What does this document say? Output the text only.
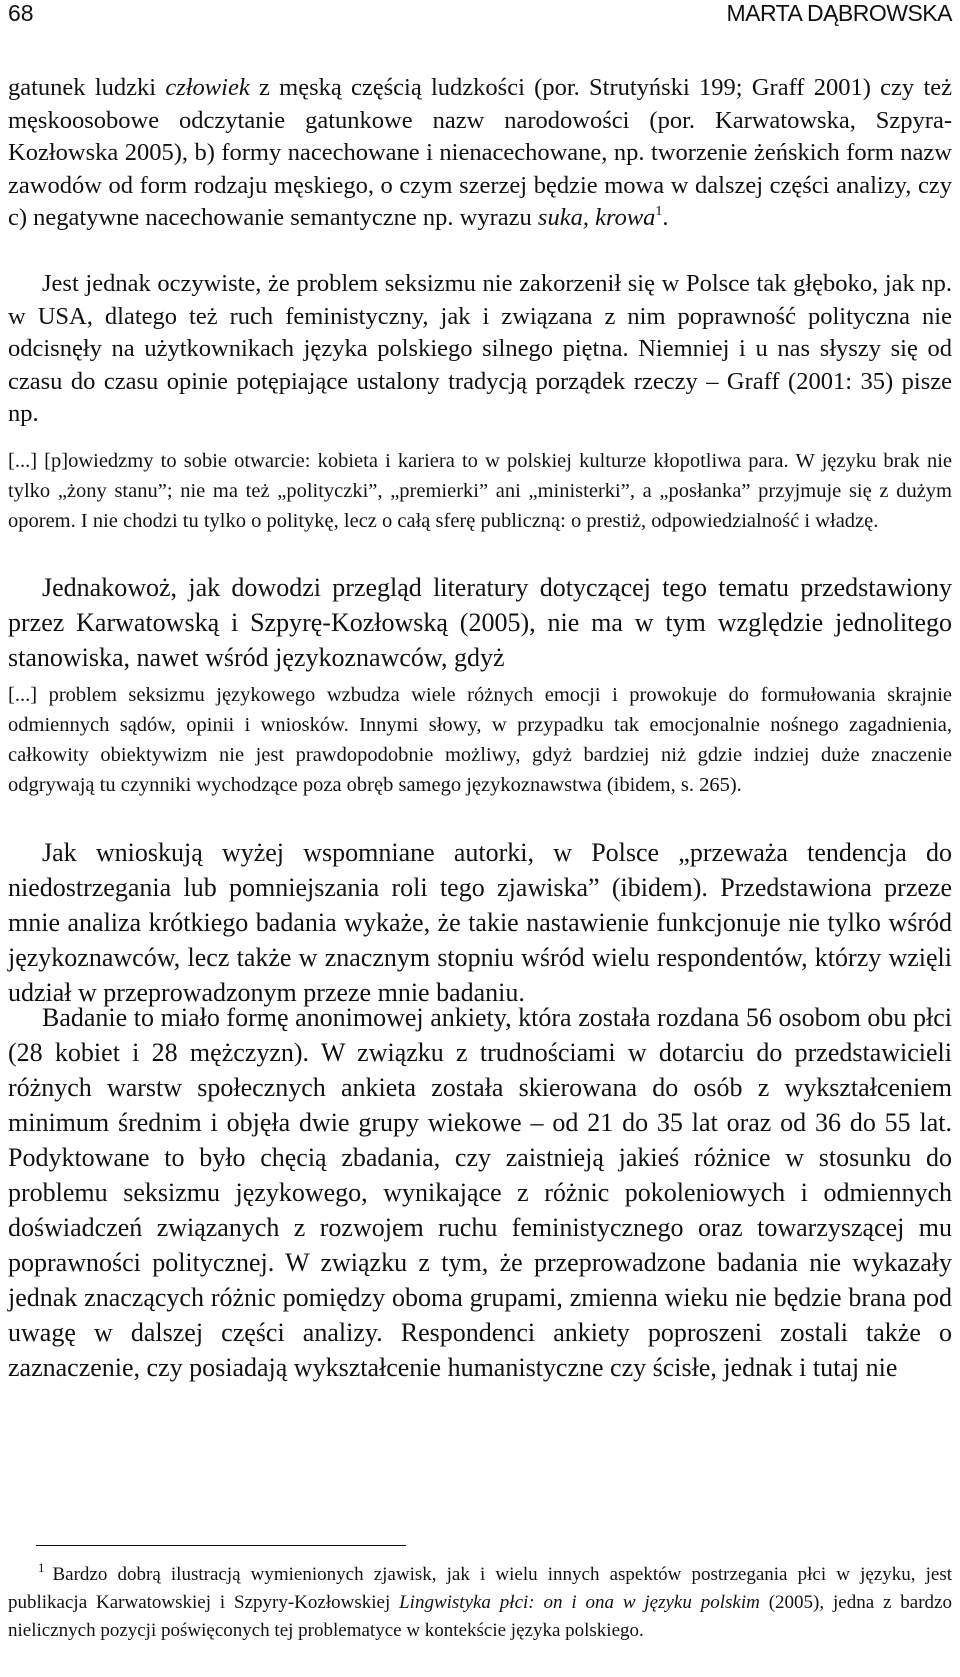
68	MARTA DĄBROWSKA

gatunek ludzki człowiek z męską częścią ludzkości (por. Strutyński 199; Graff 2001) czy też męskoosobowe odczytanie gatunkowe nazw narodowości (por. Karwatowska, Szpyra-Kozłowska 2005), b) formy nacechowane i nienacechowane, np. tworzenie żeńskich form nazw zawodów od form rodzaju męskiego, o czym szerzej będzie mowa w dalszej części analizy, czy c) negatywne nacechowanie semantyczne np. wyrazu suka, krowa$^1$.

Jest jednak oczywiste, że problem seksizmu nie zakorzenił się w Polsce tak głęboko, jak np. w USA, dlatego też ruch feministyczny, jak i związana z nim poprawność polityczna nie odcisnęły na użytkownikach języka polskiego silnego piętna. Niemniej i u nas słyszy się od czasu do czasu opinie potępiające ustalony tradycją porządek rzeczy – Graff (2001: 35) pisze np.

[...] [p]owiedzmy to sobie otwarcie: kobieta i kariera to w polskiej kulturze kłopotliwa para. W języku brak nie tylko „żony stanu”; nie ma też „polityczki”, „premierki” ani „ministerki”, a „posłanka” przyjmuje się z dużym oporem. I nie chodzi tu tylko o politykę, lecz o całą sferę publiczną: o prestiż, odpowiedzialność i władzę.

Jednakowoż, jak dowodzi przegląd literatury dotyczącej tego tematu przedstawiony przez Karwatowską i Szpyrę-Kozłowską (2005), nie ma w tym względzie jednolitego stanowiska, nawet wśród językoznawców, gdyż

[...] problem seksizmu językowego wzbudza wiele różnych emocji i prowokuje do formułowania skrajnie odmiennych sądów, opinii i wniosków. Innymi słowy, w przypadku tak emocjonalnie nośnego zagadnienia, całkowity obiektywizm nie jest prawdopodobnie możliwy, gdyż bardziej niż gdzie indziej duże znaczenie odgrywają tu czynniki wychodzące poza obręb samego językoznawstwa (ibidem, s. 265).

Jak wnioskują wyżej wspomniane autorki, w Polsce „przeważa tendencja do niedostrzegania lub pomniejszania roli tego zjawiska” (ibidem). Przedstawiona przeze mnie analiza krótkiego badania wykaże, że takie nastawienie funkcjonuje nie tylko wśród językoznawców, lecz także w znacznym stopniu wśród wielu respondentów, którzy wzięli udział w przeprowadzonym przeze mnie badaniu.

Badanie to miało formę anonimowej ankiety, która została rozdana 56 osobom obu płci (28 kobiet i 28 mężczyzn). W związku z trudnościami w dotarciu do przedstawicieli różnych warstw społecznych ankieta została skierowana do osób z wykształceniem minimum średnim i objęła dwie grupy wiekowe – od 21 do 35 lat oraz od 36 do 55 lat. Podyktowane to było chęcią zbadania, czy zaistnieją jakieś różnice w stosunku do problemu seksizmu językowego, wynikające z różnic pokoleniowych i odmiennych doświadczeń związanych z rozwojem ruchu feministycznego oraz towarzyszącej mu poprawności politycznej. W związku z tym, że przeprowadzone badania nie wykazały jednak znaczących różnic pomiędzy oboma grupami, zmienna wieku nie będzie brana pod uwagę w dalszej części analizy. Respondenci ankiety poproszeni zostali także o zaznaczenie, czy posiadają wykształcenie humanistyczne czy ścisłe, jednak i tutaj nie

$^1$ Bardzo dobrą ilustracją wymienionych zjawisk, jak i wielu innych aspektów postrzegania płci w języku, jest publikacja Karwatowskiej i Szpyry-Kozłowskiej Lingwistyka płci: on i ona w języku polskim (2005), jedna z bardzo nielicznych pozycji poświęconych tej problematyce w kontekście języka polskiego.
